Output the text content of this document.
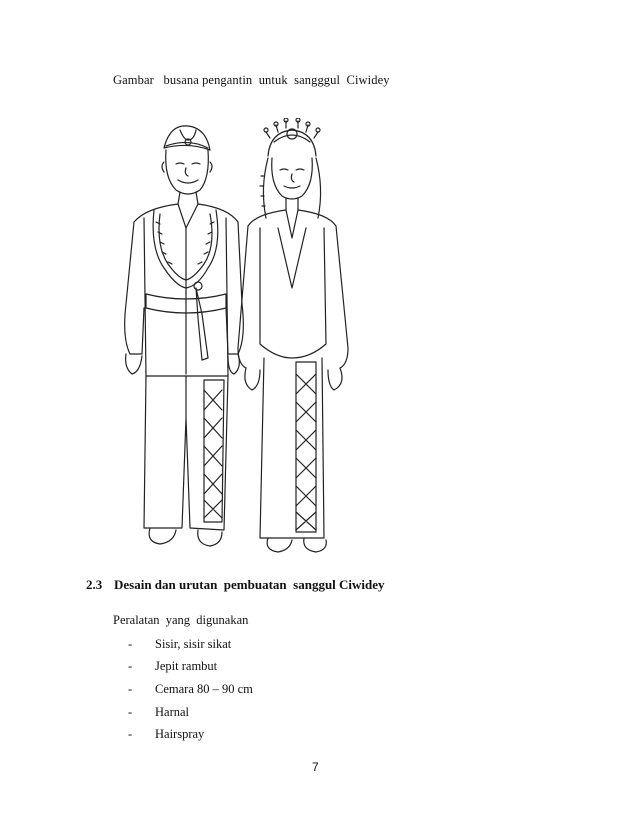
Gambar   busana pengantin  untuk  sangggul  Ciwidey
2.3 Desain dan urutan  pembuatan  sanggul Ciwidey
Peralatan  yang  digunakan
-	Sisir, sisir sikat
-	Jepit rambut
-	Cemara 80 – 90 cm
-	Harnal
-	Hairspray
7
